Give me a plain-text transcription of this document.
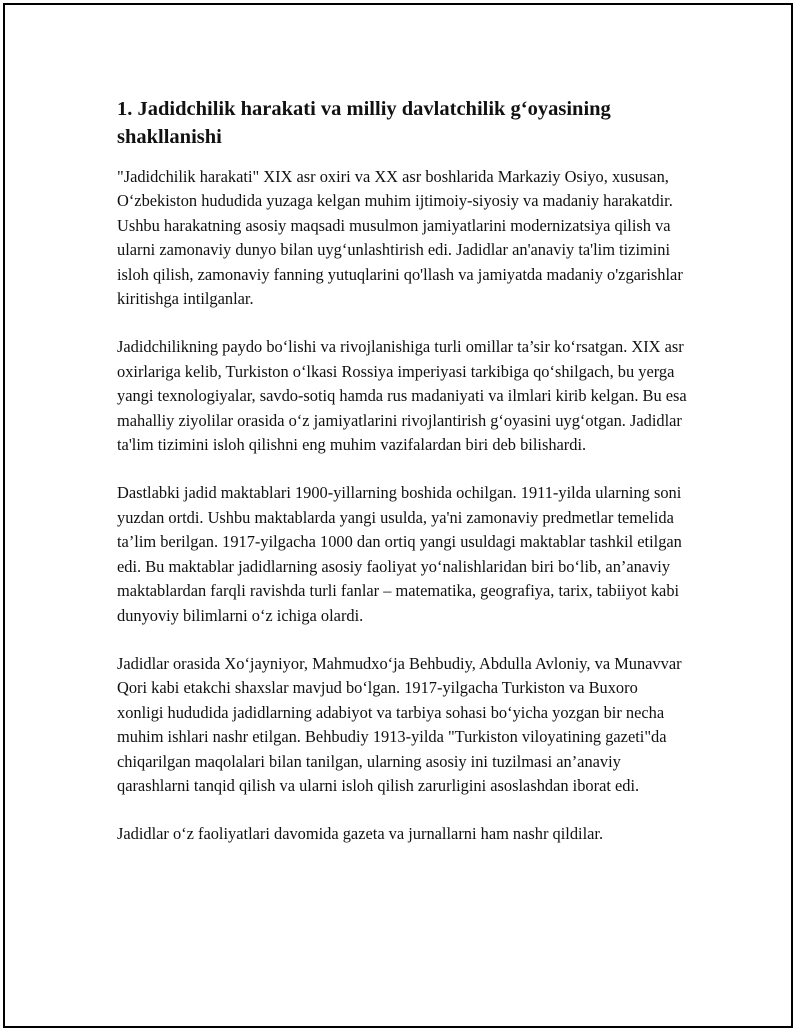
1. Jadidchilik harakati va milliy davlatchilik g‘oyasining shakllanishi

"Jadidchilik harakati" XIX asr oxiri va XX asr boshlarida Markaziy Osiyo, xususan, O‘zbekiston hududida yuzaga kelgan muhim ijtimoiy-siyosiy va madaniy harakatdir. Ushbu harakatning asosiy maqsadi musulmon jamiyatlarini modernizatsiya qilish va ularni zamonaviy dunyo bilan uyg‘unlashtirish edi. Jadidlar an'anaviy ta'lim tizimini isloh qilish, zamonaviy fanning yutuqlarini qo'llash va jamiyatda madaniy o'zgarishlar kiritishga intilganlar.

Jadidchilikning paydo bo‘lishi va rivojlanishiga turli omillar ta’sir ko‘rsatgan. XIX asr oxirlariga kelib, Turkiston o‘lkasi Rossiya imperiyasi tarkibiga qo‘shilgach, bu yerga yangi texnologiyalar, savdo-sotiq hamda rus madaniyati va ilmlari kirib kelgan. Bu esa mahalliy ziyolilar orasida o‘z jamiyatlarini rivojlantirish g‘oyasini uyg‘otgan. Jadidlar ta'lim tizimini isloh qilishni eng muhim vazifalardan biri deb bilishardi.

Dastlabki jadid maktablari 1900-yillarning boshida ochilgan. 1911-yilda ularning soni yuzdan ortdi. Ushbu maktablarda yangi usulda, ya'ni zamonaviy predmetlar temelida ta’lim berilgan. 1917-yilgacha 1000 dan ortiq yangi usuldagi maktablar tashkil etilgan edi. Bu maktablar jadidlarning asosiy faoliyat yo‘nalishlaridan biri bo‘lib, an’anaviy maktablardan farqli ravishda turli fanlar – matematika, geografiya, tarix, tabiiyot kabi dunyoviy bilimlarni o‘z ichiga olardi.

Jadidlar orasida Xo‘jayniyor, Mahmudxo‘ja Behbudiy, Abdulla Avloniy, va Munavvar Qori kabi etakchi shaxslar mavjud bo‘lgan. 1917-yilgacha Turkiston va Buxoro xonligi hududida jadidlarning adabiyot va tarbiya sohasi bo‘yicha yozgan bir necha muhim ishlari nashr etilgan. Behbudiy 1913-yilda "Turkiston viloyatining gazeti"da chiqarilgan maqolalari bilan tanilgan, ularning asosiy ini tuzilmasi an’anaviy qarashlarni tanqid qilish va ularni isloh qilish zarurligini asoslashdan iborat edi.

Jadidlar o‘z faoliyatlari davomida gazeta va jurnallarni ham nashr qildilar.
